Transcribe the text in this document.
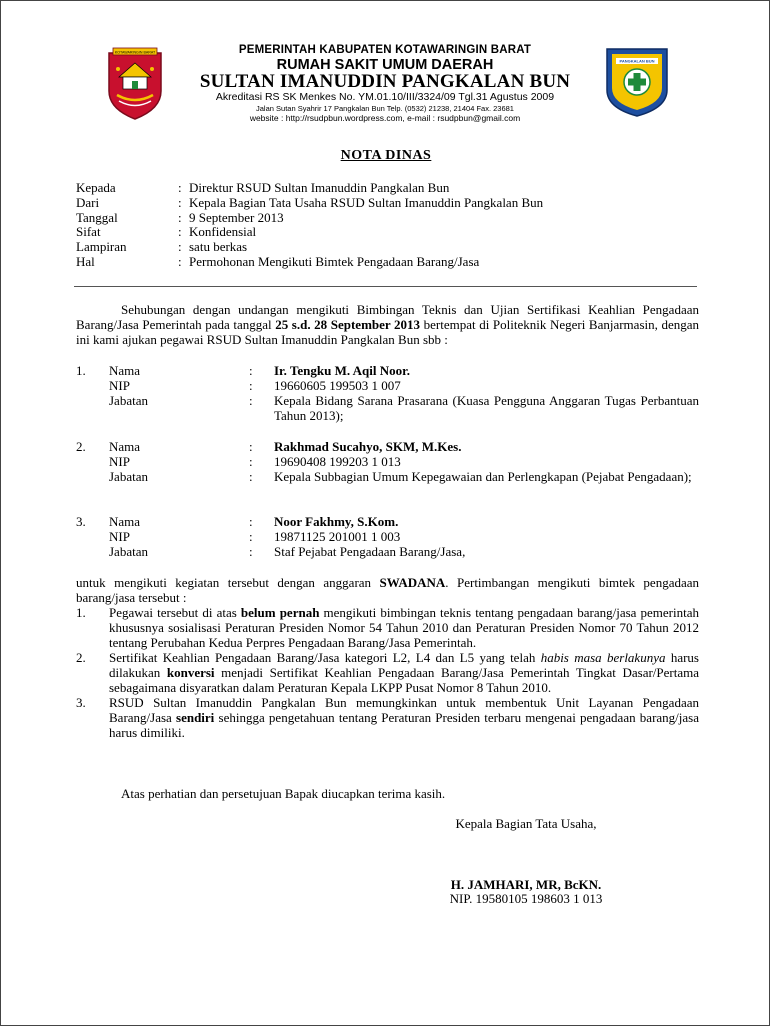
KOTAWARINGIN BARAT	PEMERINTAH KABUPATEN KOTAWARINGIN BARAT
RUMAH SAKIT UMUM DAERAH
SULTAN IMANUDDIN PANGKALAN BUN
Akreditasi RS SK Menkes No. YM.01.10/III/3324/09 Tgl.31 Agustus 2009
Jalan Sutan Syahrir 17 Pangkalan Bun Telp. (0532) 21238, 21404 Fax. 23681
website : http://rsudpbun.wordpress.com, e-mail : rsudpbun@gmail.com
PANGKALAN BUN
NOTA DINAS
Kepada	: Direktur RSUD Sultan Imanuddin Pangkalan Bun
Dari	: Kepala Bagian Tata Usaha RSUD Sultan Imanuddin Pangkalan Bun
Tanggal	: 9 September 2013
Sifat	: Konfidensial
Lampiran	: satu berkas
Hal	: Permohonan Mengikuti Bimtek Pengadaan Barang/Jasa
Sehubungan dengan undangan mengikuti Bimbingan Teknis dan Ujian Sertifikasi Keahlian Pengadaan Barang/Jasa Pemerintah pada tanggal 25 s.d. 28 September 2013 bertempat di Politeknik Negeri Banjarmasin, dengan ini kami ajukan pegawai RSUD Sultan Imanuddin Pangkalan Bun sbb :
1.	Nama	:	Ir. Tengku M. Aqil Noor.
NIP	:	19660605 199503 1 007
Jabatan	:	Kepala Bidang Sarana Prasarana (Kuasa Pengguna Anggaran Tugas Perbantuan Tahun 2013);
2.	Nama	:	Rakhmad Sucahyo, SKM, M.Kes.
NIP	:	19690408 199203 1 013
Jabatan	:	Kepala Subbagian Umum Kepegawaian dan Perlengkapan (Pejabat Pengadaan);
3.	Nama	:	Noor Fakhmy, S.Kom.
NIP	:	19871125 201001 1 003
Jabatan	:	Staf Pejabat Pengadaan Barang/Jasa,
untuk mengikuti kegiatan tersebut dengan anggaran SWADANA. Pertimbangan mengikuti bimtek pengadaan barang/jasa tersebut :
1.	Pegawai tersebut di atas belum pernah mengikuti bimbingan teknis tentang pengadaan barang/jasa pemerintah khususnya sosialisasi Peraturan Presiden Nomor 54 Tahun 2010 dan Peraturan Presiden Nomor 70 Tahun 2012 tentang Perubahan Kedua Perpres Pengadaan Barang/Jasa Pemerintah.
2.	Sertifikat Keahlian Pengadaan Barang/Jasa kategori L2, L4 dan L5 yang telah habis masa berlakunya harus dilakukan konversi menjadi Sertifikat Keahlian Pengadaan Barang/Jasa Pemerintah Tingkat Dasar/Pertama sebagaimana disyaratkan dalam Peraturan Kepala LKPP Pusat Nomor 8 Tahun 2010.
3.	RSUD Sultan Imanuddin Pangkalan Bun memungkinkan untuk membentuk Unit Layanan Pengadaan Barang/Jasa sendiri sehingga pengetahuan tentang Peraturan Presiden terbaru mengenai pengadaan barang/jasa harus dimiliki.
Atas perhatian dan persetujuan Bapak diucapkan terima kasih.
Kepala Bagian Tata Usaha,
H. JAMHARI, MR, BcKN.
NIP. 19580105 198603 1 013
